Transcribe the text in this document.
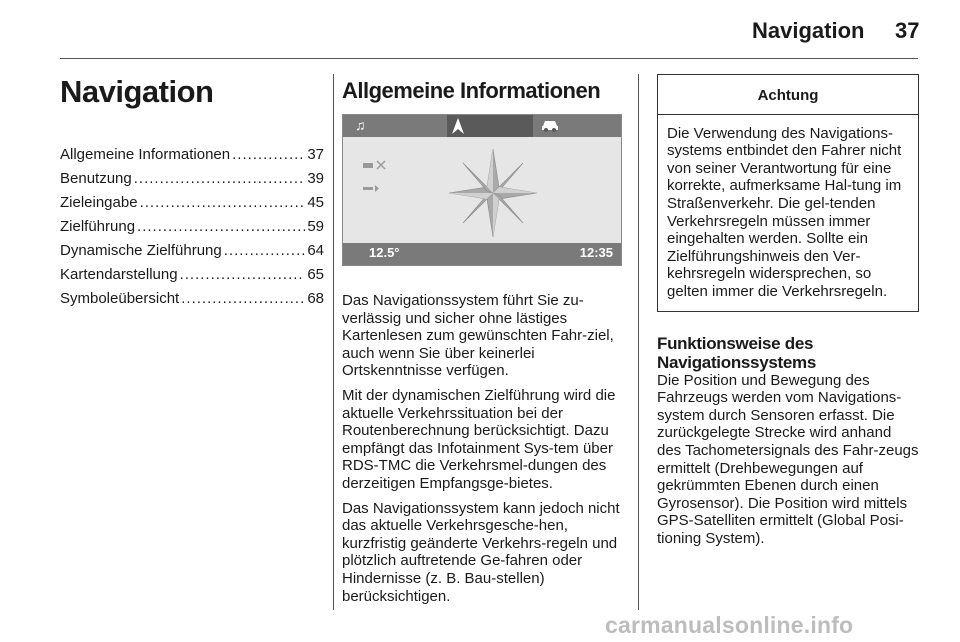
Navigation 37
Navigation
Allgemeine Informationen .....	37
Benutzung .....	39
Zieleingabe .....	45
Zielführung .....	59
Dynamische Zielführung .....	64
Kartendarstellung .....	65
Symboleübersicht .....	68
Allgemeine Informationen
♫
12.5°	12:35

Das Navigationssystem führt Sie zu-verlässig und sicher ohne lästiges Kartenlesen zum gewünschten Fahr-ziel, auch wenn Sie über keinerlei Ortskenntnisse verfügen.

Mit der dynamischen Zielführung wird die aktuelle Verkehrssituation bei der Routenberechnung berücksichtigt. Dazu empfängt das Infotainment Sys-tem über RDS-TMC die Verkehrsmel-dungen des derzeitigen Empfangsge-bietes.

Das Navigationssystem kann jedoch nicht das aktuelle Verkehrsgesche-hen, kurzfristig geänderte Verkehrs-regeln und plötzlich auftretende Ge-fahren oder Hindernisse (z. B. Bau-stellen) berücksichtigen.

Achtung
Die Verwendung des Navigations-systems entbindet den Fahrer nicht von seiner Verantwortung für eine korrekte, aufmerksame Hal-tung im Straßenverkehr. Die gel-tenden Verkehrsregeln müssen immer eingehalten werden. Sollte ein Zielführungshinweis den Ver-kehrsregeln widersprechen, so gelten immer die Verkehrsregeln.
Funktionsweise des Navigationssystems

Die Position und Bewegung des Fahrzeugs werden vom Navigations-system durch Sensoren erfasst. Die zurückgelegte Strecke wird anhand des Tachometersignals des Fahr-zeugs ermittelt (Drehbewegungen auf gekrümmten Ebenen durch einen Gyrosensor). Die Position wird mittels GPS-Satelliten ermittelt (Global Posi-tioning System).

carmanualsonline.info
